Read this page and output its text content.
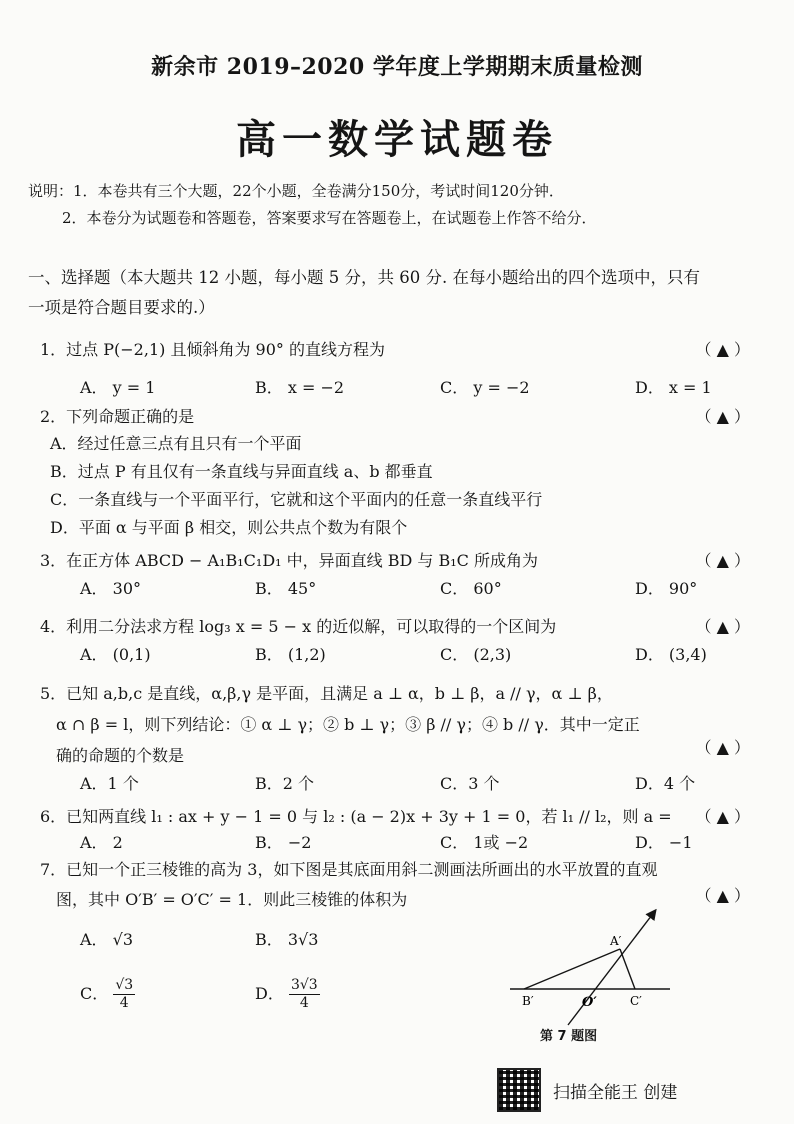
新余市 2019–2020 学年度上学期期末质量检测
高一数学试题卷
说明：1．本卷共有三个大题，22个小题，全卷满分150分，考试时间120分钟．
2．本卷分为试题卷和答题卷，答案要求写在答题卷上，在试题卷上作答不给分．
一、选择题（本大题共 12 小题，每小题 5 分，共 60 分. 在每小题给出的四个选项中，只有
一项是符合题目要求的.）
1．过点 P(−2,1) 且倾斜角为 90° 的直线方程为	（ ▲ ）
A． y = 1	B． x = −2	C． y = −2	D． x = 1
2．下列命题正确的是	（ ▲ ）
A．经过任意三点有且只有一个平面
B．过点 P 有且仅有一条直线与异面直线 a、b 都垂直
C．一条直线与一个平面平行，它就和这个平面内的任意一条直线平行
D．平面 α 与平面 β 相交，则公共点个数为有限个
3．在正方体 ABCD − A₁B₁C₁D₁ 中，异面直线 BD 与 B₁C 所成角为	（ ▲ ）
A． 30°	B． 45°	C． 60°	D． 90°
4．利用二分法求方程 log₃ x = 5 − x 的近似解，可以取得的一个区间为	（ ▲ ）
A． (0,1)	B． (1,2)	C． (2,3)	D． (3,4)
5．已知 a,b,c 是直线，α,β,γ 是平面，且满足 a ⊥ α，b ⊥ β，a // γ，α ⊥ β，
α ∩ β = l，则下列结论：① α ⊥ γ；② b ⊥ γ；③ β // γ；④ b // γ．其中一定正
确的命题的个数是	（ ▲ ）
A．1 个	B．2 个	C．3 个	D．4 个
6．已知两直线 l₁ : ax + y − 1 = 0 与 l₂ : (a − 2)x + 3y + 1 = 0，若 l₁ // l₂，则 a = （ ▲ ）
A． 2	B． −2	C． 1或 −2	D． −1
7．已知一个正三棱锥的高为 3，如下图是其底面用斜二测画法所画出的水平放置的直观
图，其中 O′B′ = O′C′ = 1．则此三棱锥的体积为	（ ▲ ）
A． √3	B． 3√3
C． $\frac{√3}{4}$	D． $\frac{3√3}{4}$
A′
B′	O′	C′
第 7 题图
扫描全能王 创建
